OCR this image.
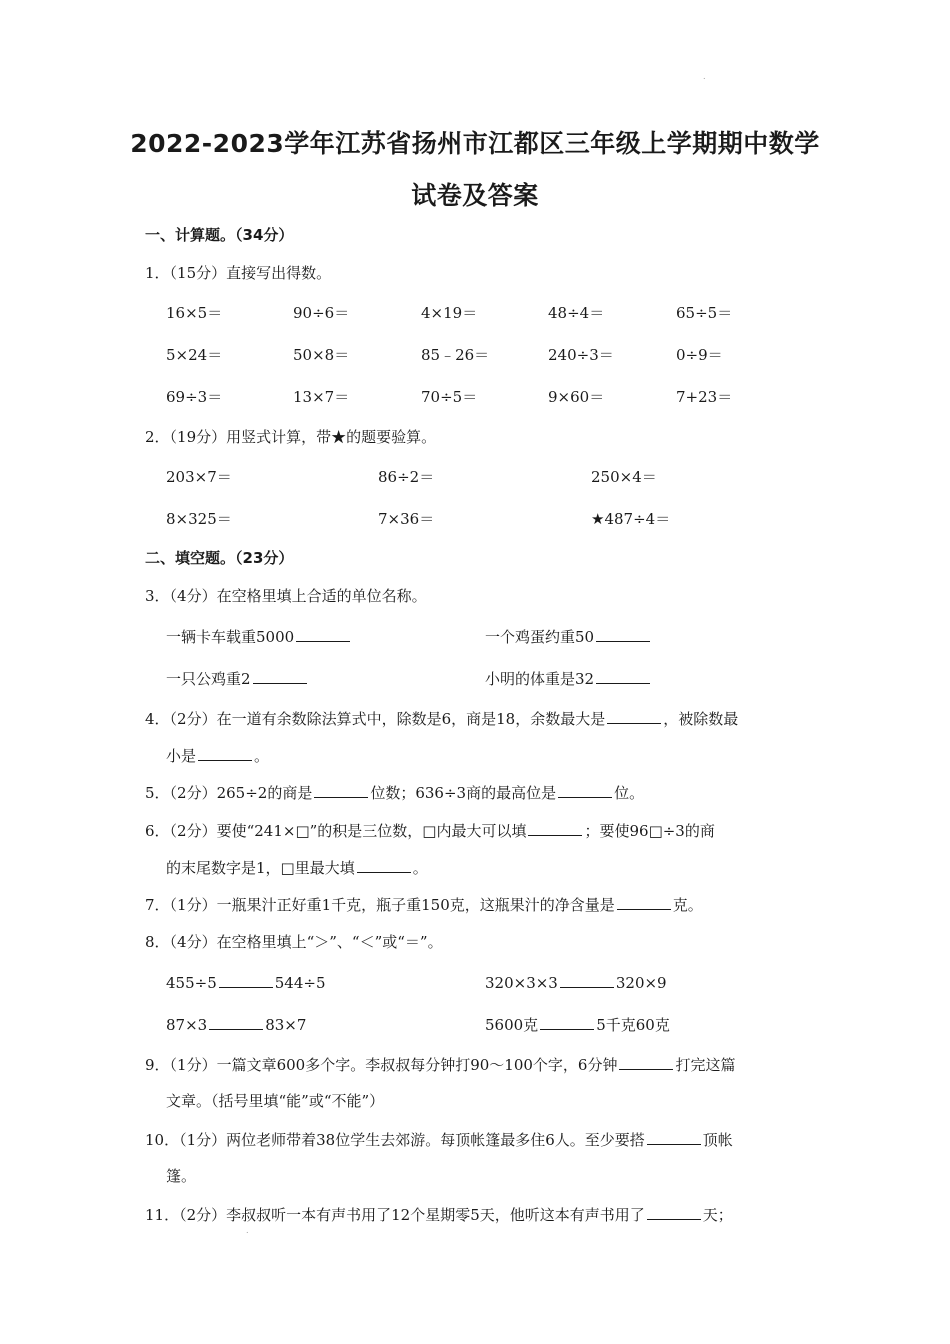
.
2022-2023学年江苏省扬州市江都区三年级上学期期中数学
试卷及答案
一、计算题。（34分）
1．（15分）直接写出得数。
16×5＝	90÷6＝	4×19＝	48÷4＝	65÷5＝
5×24＝	50×8＝	85﹣26＝	240÷3＝	0÷9＝
69÷3＝	13×7＝	70÷5＝	9×60＝	7+23＝
2．（19分）用竖式计算，带★的题要验算。
203×7＝	86÷2＝	250×4＝
8×325＝	7×36＝	★487÷4＝
二、填空题。（23分）
3．（4分）在空格里填上合适的单位名称。
一辆卡车载重5000	一个鸡蛋约重50
一只公鸡重2	小明的体重是32
4．（2分）在一道有余数除法算式中，除数是6，商是18，余数最大是	，被除数最
小是	。
5．（2分）265÷2的商是	位数；636÷3商的最高位是	位。
6．（2分）要使“241×□”的积是三位数，□内最大可以填	；要使96□÷3的商
的末尾数字是1，□里最大填	。
7．（1分）一瓶果汁正好重1千克，瓶子重150克，这瓶果汁的净含量是	克。
8．（4分）在空格里填上“＞”、“＜”或“＝”。
455÷5	544÷5	320×3×3	320×9
87×3	83×7	5600克	5千克60克
9．（1分）一篇文章600多个字。李叔叔每分钟打90～100个字，6分钟	打完这篇
文章。（括号里填“能”或“不能”）
10．（1分）两位老师带着38位学生去郊游。每顶帐篷最多住6人。至少要搭	顶帐
篷。
11．（2分）李叔叔听一本有声书用了12个星期零5天，他听这本有声书用了	天；
.
